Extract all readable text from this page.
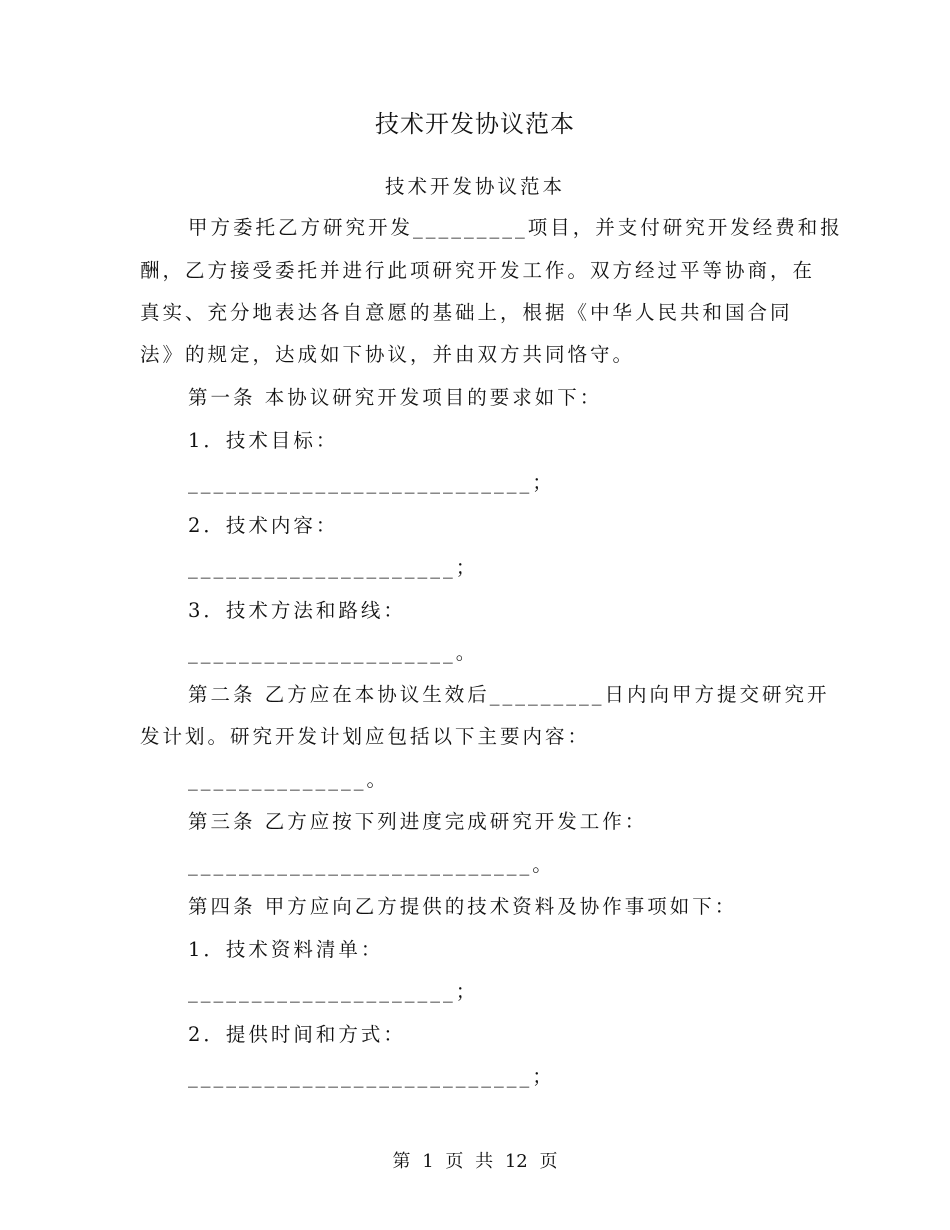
技术开发协议范本
技术开发协议范本
甲方委托乙方研究开发_________项目，并支付研究开发经费和报
酬，乙方接受委托并进行此项研究开发工作。双方经过平等协商，在
真实、充分地表达各自意愿的基础上，根据《中华人民共和国合同
法》的规定，达成如下协议，并由双方共同恪守。
第一条 本协议研究开发项目的要求如下：
1．技术目标：
___________________________；
2．技术内容：
_____________________；
3．技术方法和路线：
_____________________。
第二条 乙方应在本协议生效后_________日内向甲方提交研究开
发计划。研究开发计划应包括以下主要内容：
______________。
第三条 乙方应按下列进度完成研究开发工作：
___________________________。
第四条 甲方应向乙方提供的技术资料及协作事项如下：
1．技术资料清单：
_____________________；
2．提供时间和方式：
___________________________；
第 1 页 共 12 页
